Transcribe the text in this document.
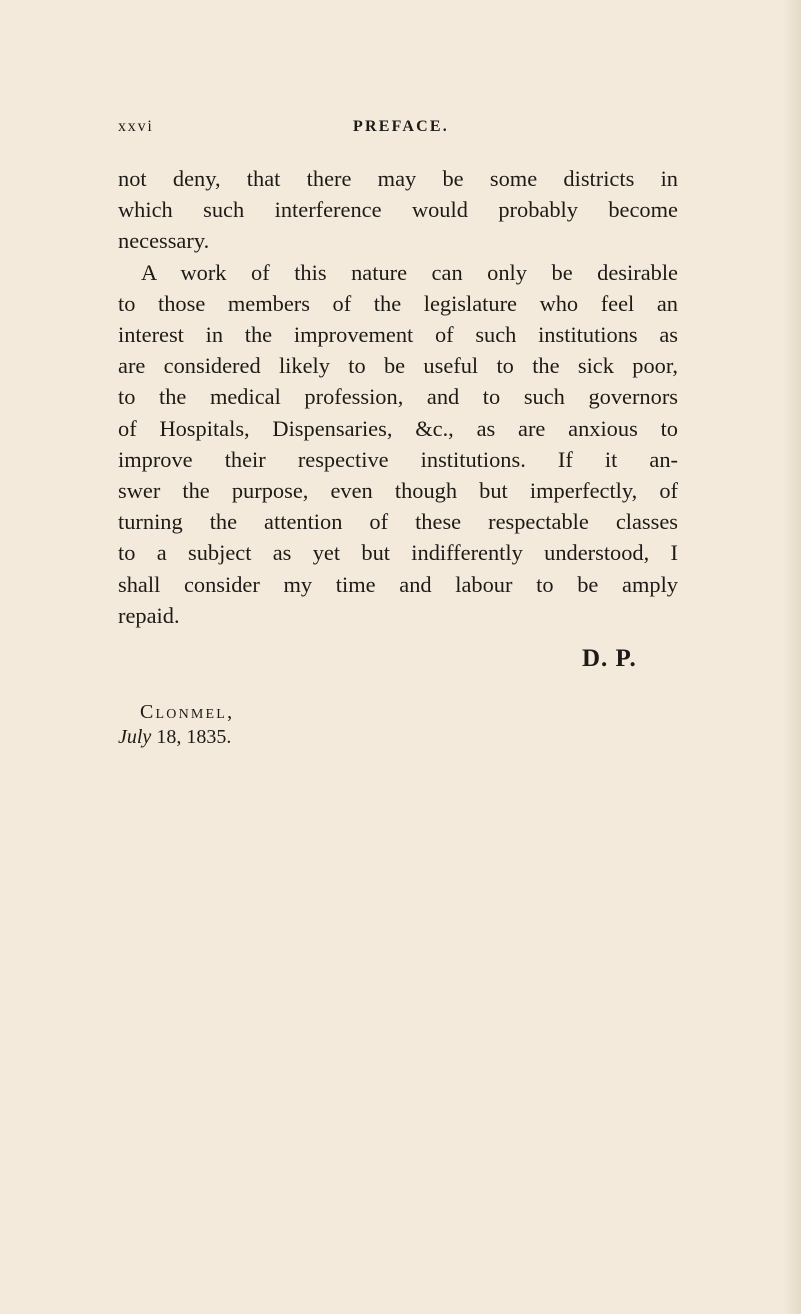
xxvi	PREFACE.
not deny, that there may be some districts in
which such interference would probably become
necessary.
A work of this nature can only be desirable
to those members of the legislature who feel an
interest in the improvement of such institutions as
are considered likely to be useful to the sick poor,
to the medical profession, and to such governors
of Hospitals, Dispensaries, &c., as are anxious to
improve their respective institutions. If it an-
swer the purpose, even though but imperfectly, of
turning the attention of these respectable classes
to a subject as yet but indifferently understood, I
shall consider my time and labour to be amply
repaid.
D. P.
Clonmel,
July 18, 1835.
